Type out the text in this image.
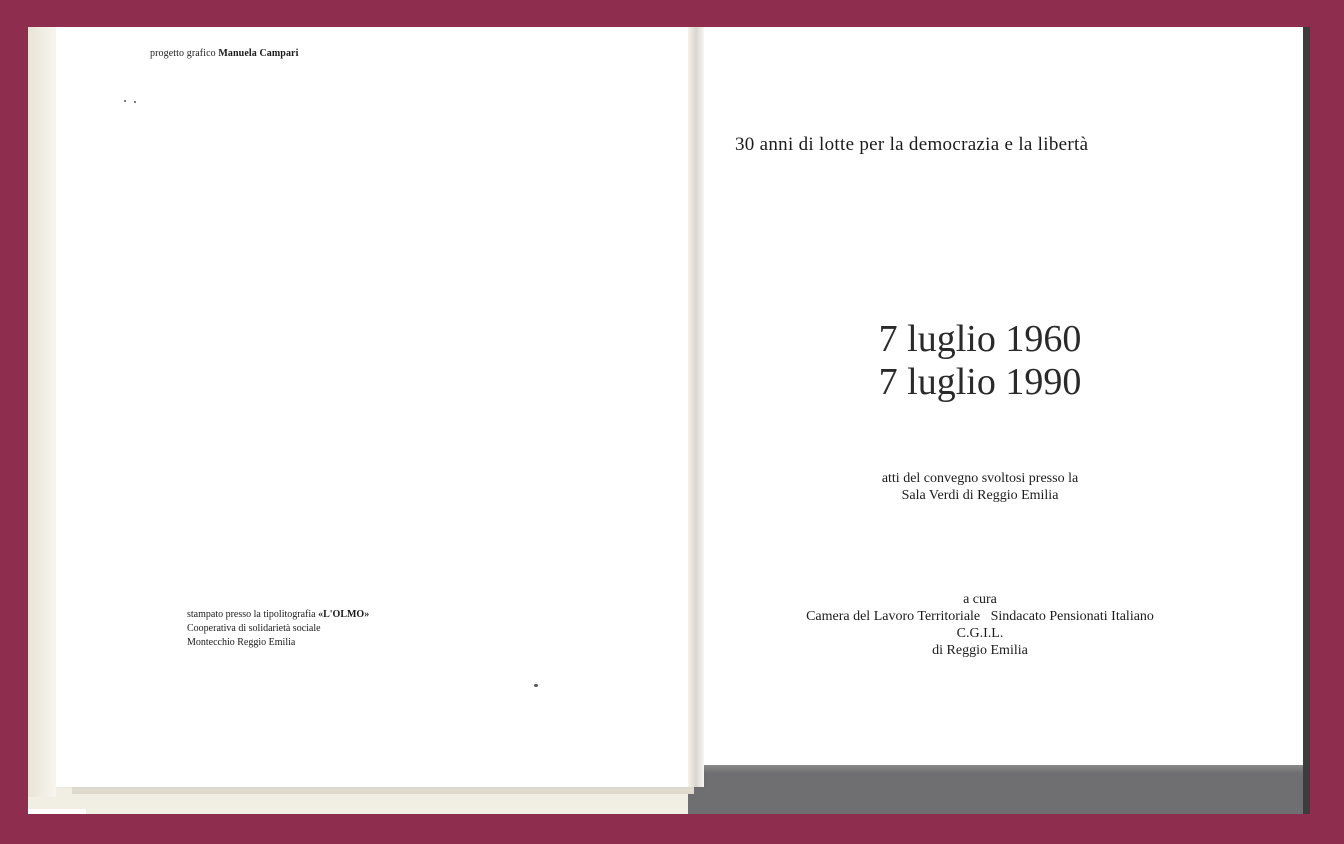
progetto grafico Manuela Campari
stampato presso la tipolitografia «L'OLMO»
Cooperativa di solidarietà sociale
Montecchio Reggio Emilia
30 anni di lotte per la democrazia e la libertà
7 luglio 1960
7 luglio 1990
atti del convegno svoltosi presso la
Sala Verdi di Reggio Emilia
a cura
Camera del Lavoro Territoriale   Sindacato Pensionati Italiano
C.G.I.L.
di Reggio Emilia
